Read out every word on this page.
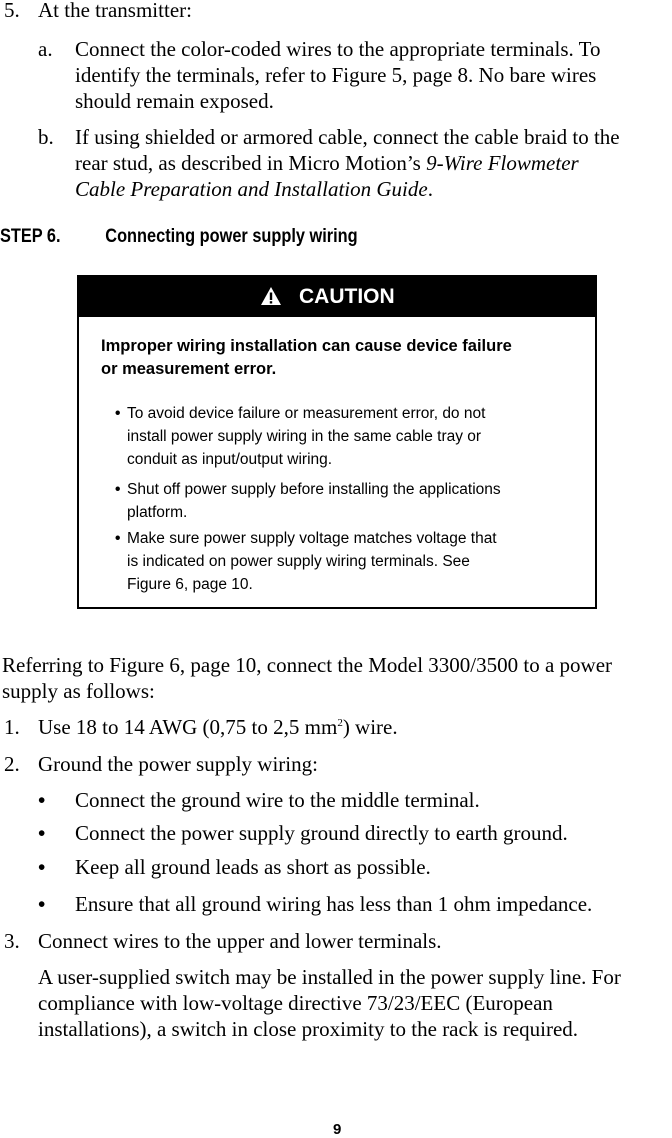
5. At the transmitter:
a. Connect the color-coded wires to the appropriate terminals. To
identify the terminals, refer to Figure 5, page 8. No bare wires
should remain exposed.
b. If using shielded or armored cable, connect the cable braid to the
rear stud, as described in Micro Motion’s 9-Wire Flowmeter
Cable Preparation and Installation Guide.
STEP 6. Connecting power supply wiring
CAUTION
Improper wiring installation can cause device failure
or measurement error.
• To avoid device failure or measurement error, do not
install power supply wiring in the same cable tray or
conduit as input/output wiring.
• Shut off power supply before installing the applications
platform.
• Make sure power supply voltage matches voltage that
is indicated on power supply wiring terminals. See
Figure 6, page 10.
Referring to Figure 6, page 10, connect the Model 3300/3500 to a power
supply as follows:
1. Use 18 to 14 AWG (0,75 to 2,5 $mm^2$) wire.
2. Ground the power supply wiring:
• Connect the ground wire to the middle terminal.
• Connect the power supply ground directly to earth ground.
• Keep all ground leads as short as possible.
• Ensure that all ground wiring has less than 1 ohm impedance.
3. Connect wires to the upper and lower terminals.
A user-supplied switch may be installed in the power supply line. For
compliance with low-voltage directive 73/23/EEC (European
installations), a switch in close proximity to the rack is required.
9
